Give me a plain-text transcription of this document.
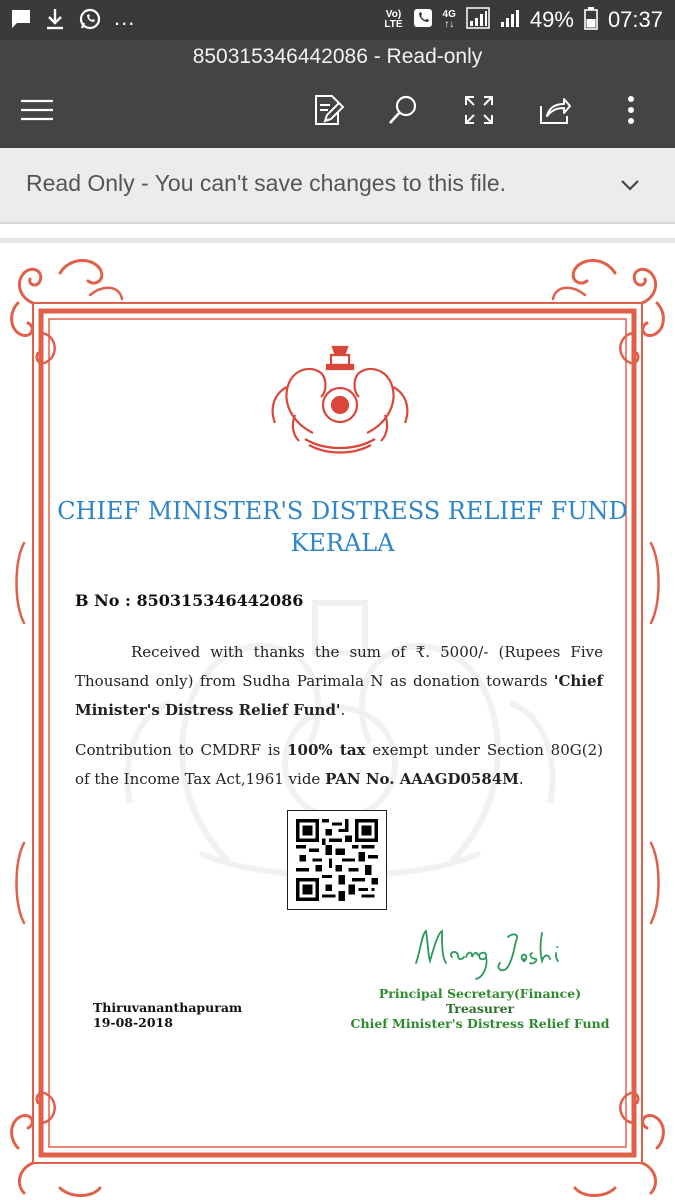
...	Vo)
LTE
4G
↑↓	49% 07:37
850315346442086 - Read-only
Read Only - You can't save changes to this file.
CHIEF MINISTER'S DISTRESS RELIEF FUND
KERALA
B No : 850315346442086
Received with thanks the sum of ₹. 5000/- (Rupees Five Thousand only) from Sudha Parimala N as donation towards 'Chief Minister's Distress Relief Fund'.
Contribution to CMDRF is 100% tax exempt under Section 80G(2) of the Income Tax Act,1961 vide PAN No. AAAGD0584M.
Principal Secretary(Finance)
Treasurer
Chief Minister's Distress Relief Fund
Thiruvananthapuram
19-08-2018
